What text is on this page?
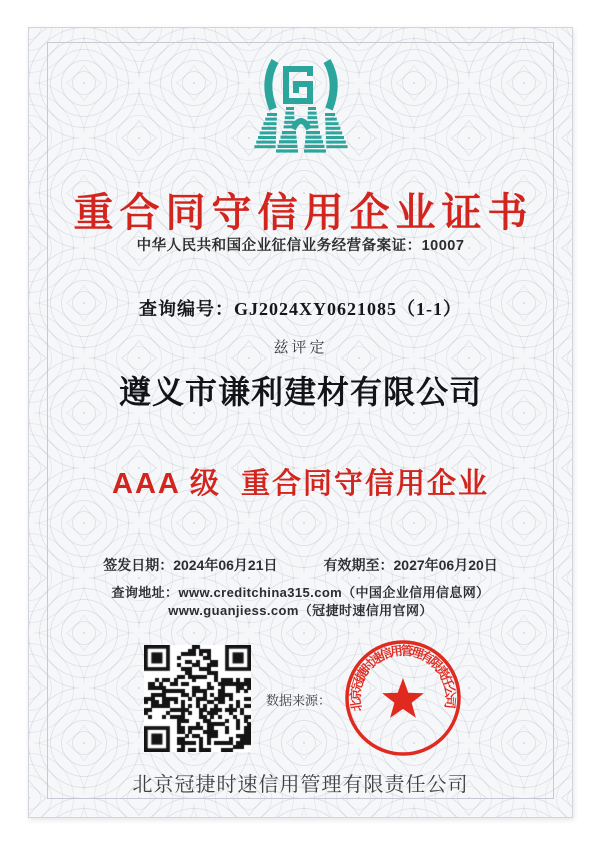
重合同守信用企业证书
中华人民共和国企业征信业务经营备案证：10007
查询编号：GJ2024XY0621085（1-1）
兹评定
遵义市谦利建材有限公司
AAA 级  重合同守信用企业
签发日期：2024年06月21日	有效期至：2027年06月20日
查询地址：www.creditchina315.com（中国企业信用信息网）
www.guanjiess.com（冠捷时速信用官网）
数据来源： 北京冠捷时速信用管理有限责任公司
北京冠捷时速信用管理有限责任公司
